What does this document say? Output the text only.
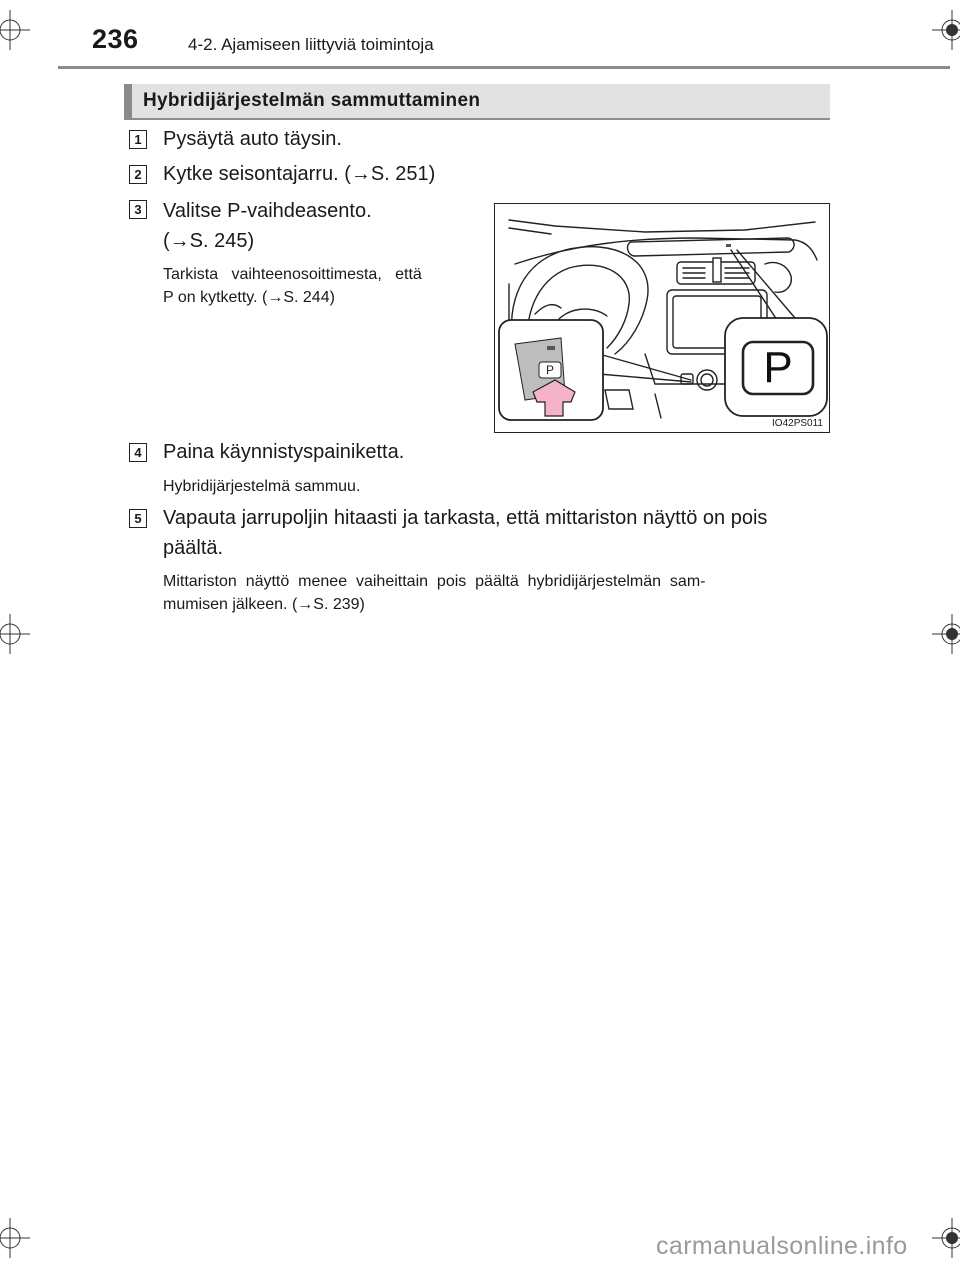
236	4-2. Ajamiseen liittyviä toimintoja
Hybridijärjestelmän sammuttaminen
1 Pysäytä auto täysin.
2 Kytke seisontajarru. (→S. 251)
3 Valitse P-vaihdeasento.
(→S. 245)
Tarkista   vaihteenosoittimesta,   että
P on kytketty. (→S. 244)
P	P
IO42PS011
4 Paina käynnistyspainiketta.
Hybridijärjestelmä sammuu.
5 Vapauta jarrupoljin hitaasti ja tarkasta, että mittariston näyttö on pois
päältä.
Mittariston  näyttö  menee  vaiheittain  pois  päältä  hybridijärjestelmän  sam-
mumisen jälkeen. (→S. 239)
carmanualsonline.info
